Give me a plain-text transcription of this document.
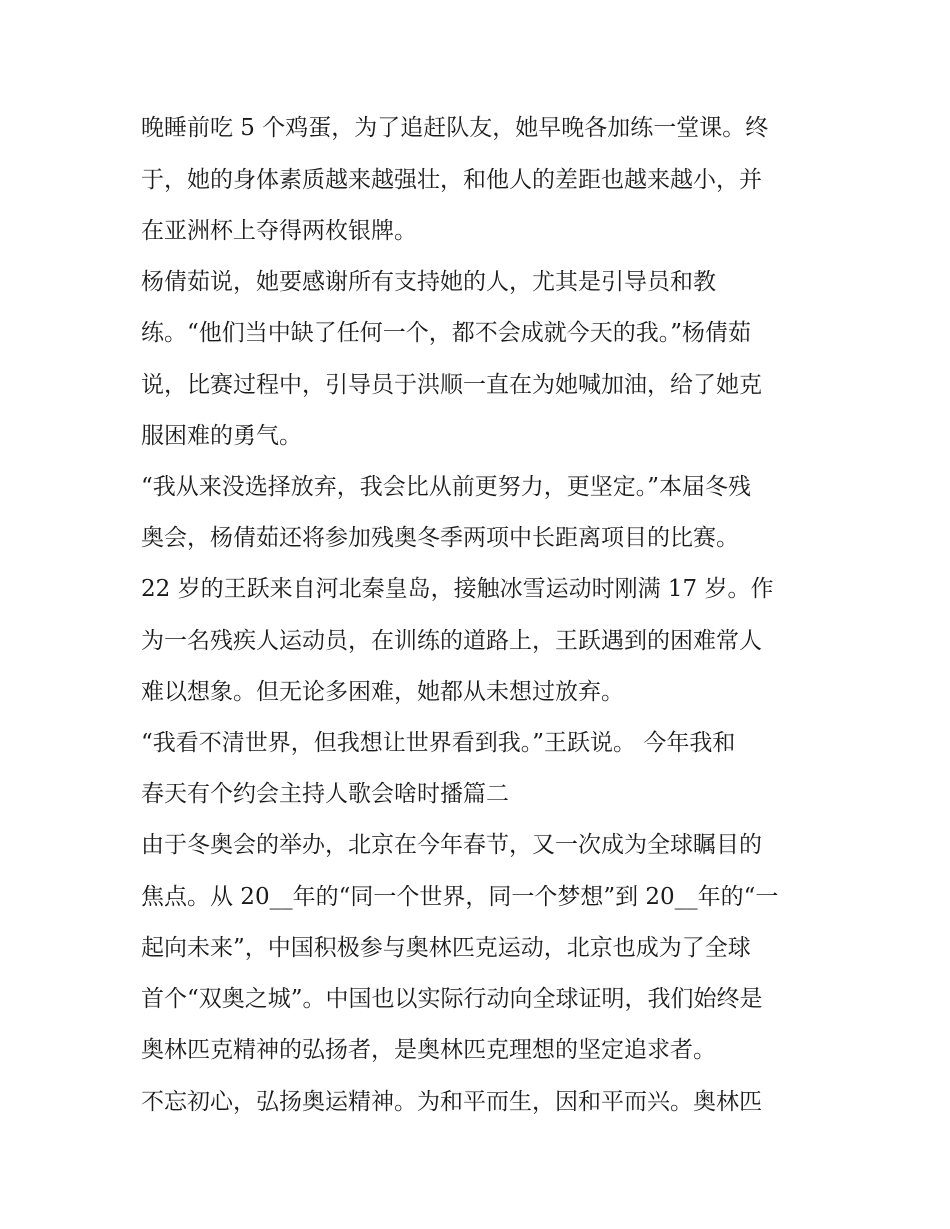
晚睡前吃 5 个鸡蛋，为了追赶队友，她早晚各加练一堂课。终
于，她的身体素质越来越强壮，和他人的差距也越来越小，并
在亚洲杯上夺得两枚银牌。
杨倩茹说，她要感谢所有支持她的人，尤其是引导员和教
练。“他们当中缺了任何一个，都不会成就今天的我。”杨倩茹
说，比赛过程中，引导员于洪顺一直在为她喊加油，给了她克
服困难的勇气。
“我从来没选择放弃，我会比从前更努力，更坚定。”本届冬残
奥会，杨倩茹还将参加残奥冬季两项中长距离项目的比赛。
22 岁的王跃来自河北秦皇岛，接触冰雪运动时刚满 17 岁。作
为一名残疾人运动员，在训练的道路上，王跃遇到的困难常人
难以想象。但无论多困难，她都从未想过放弃。
“我看不清世界，但我想让世界看到我。”王跃说。 今年我和
春天有个约会主持人歌会啥时播篇二
由于冬奥会的举办，北京在今年春节，又一次成为全球瞩目的
焦点。从 20__年的“同一个世界，同一个梦想”到 20__年的“一
起向未来”，中国积极参与奥林匹克运动，北京也成为了全球
首个“双奥之城”。中国也以实际行动向全球证明，我们始终是
奥林匹克精神的弘扬者，是奥林匹克理想的坚定追求者。
不忘初心，弘扬奥运精神。为和平而生，因和平而兴。奥林匹
